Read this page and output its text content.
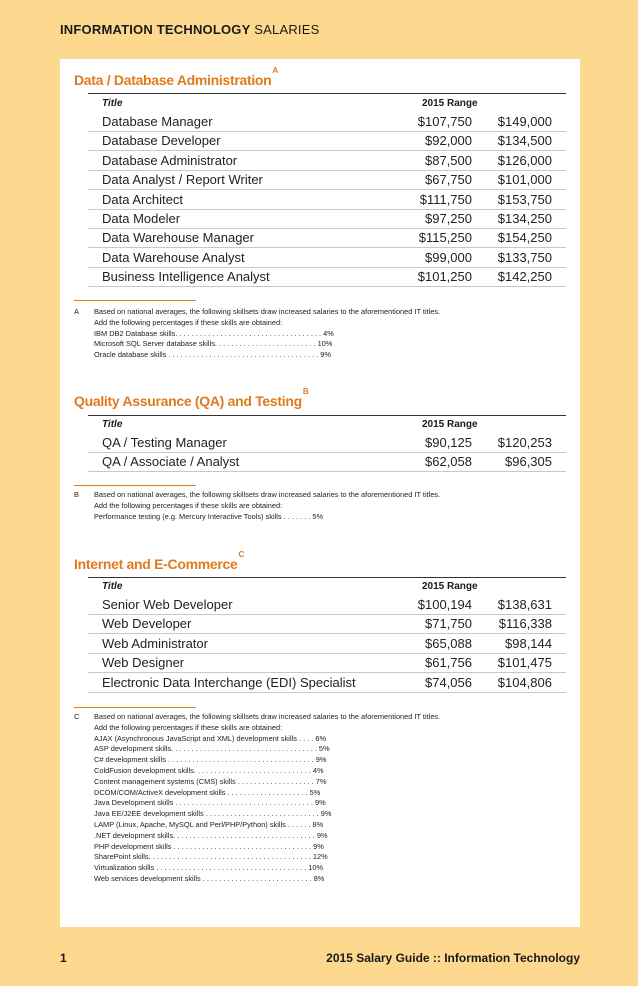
INFORMATION TECHNOLOGY SALARIES
Data / Database Administration$^A$
Title	2015 Range
Database Manager	$107,750 $149,000
Database Developer	$92,000 $134,500
Database Administrator	$87,500 $126,000
Data Analyst / Report Writer	$67,750 $101,000
Data Architect	$111,750 $153,750
Data Modeler	$97,250 $134,250
Data Warehouse Manager	$115,250 $154,250
Data Warehouse Analyst	$99,000 $133,750
Business Intelligence Analyst	$101,250 $142,250
A Based on national averages, the following skillsets draw increased salaries to the aforementioned IT titles.
Add the following percentages if these skills are obtained:
IBM DB2 Database skills. . . . . . . . . . . . . . . . . . . . . . . . . . . . . . . . . . . . 4%
Microsoft SQL Server database skills. . . . . . . . . . . . . . . . . . . . . . . . . 10%
Oracle database skills . . . . . . . . . . . . . . . . . . . . . . . . . . . . . . . . . . . . . 9%
Quality Assurance (QA) and Testing$^B$
Title	2015 Range
QA / Testing Manager	$90,125 $120,253
QA / Associate / Analyst	$62,058	$96,305
B Based on national averages, the following skillsets draw increased salaries to the aforementioned IT titles.
Add the following percentages if these skills are obtained:
Performance testing (e.g. Mercury Interactive Tools) skills . . . . . . . 5%
Internet and E-Commerce$^C$
Title	2015 Range
Senior Web Developer	$100,194 $138,631
Web Developer	$71,750 $116,338
Web Administrator	$65,088	$98,144
Web Designer	$61,756 $101,475
Electronic Data Interchange (EDI) Specialist	$74,056 $104,806
C Based on national averages, the following skillsets draw increased salaries to the aforementioned IT titles.
Add the following percentages if these skills are obtained:
AJAX (Asynchronous JavaScript and XML) development skills . . . . 6%
ASP development skills. . . . . . . . . . . . . . . . . . . . . . . . . . . . . . . . . . . . 5%
C# development skills . . . . . . . . . . . . . . . . . . . . . . . . . . . . . . . . . . . . 9%
ColdFusion development skills. . . . . . . . . . . . . . . . . . . . . . . . . . . . . 4%
Content management systems (CMS) skills . . . . . . . . . . . . . . . . . . . 7%
DCOM/COM/ActiveX development skills . . . . . . . . . . . . . . . . . . . . 5%
Java Development skills . . . . . . . . . . . . . . . . . . . . . . . . . . . . . . . . . . 9%
Java EE/J2EE development skills . . . . . . . . . . . . . . . . . . . . . . . . . . . . 9%
LAMP (Linux, Apache, MySQL and Perl/PHP/Python) skills . . . . . . 8%
.NET development skills. . . . . . . . . . . . . . . . . . . . . . . . . . . . . . . . . . . 9%
PHP development skills . . . . . . . . . . . . . . . . . . . . . . . . . . . . . . . . . . 9%
SharePoint skills. . . . . . . . . . . . . . . . . . . . . . . . . . . . . . . . . . . . . . . . 12%
Virtualization skills . . . . . . . . . . . . . . . . . . . . . . . . . . . . . . . . . . . . . 10%
Web services development skills . . . . . . . . . . . . . . . . . . . . . . . . . . . 8%
1	2015 Salary Guide :: Information Technology
